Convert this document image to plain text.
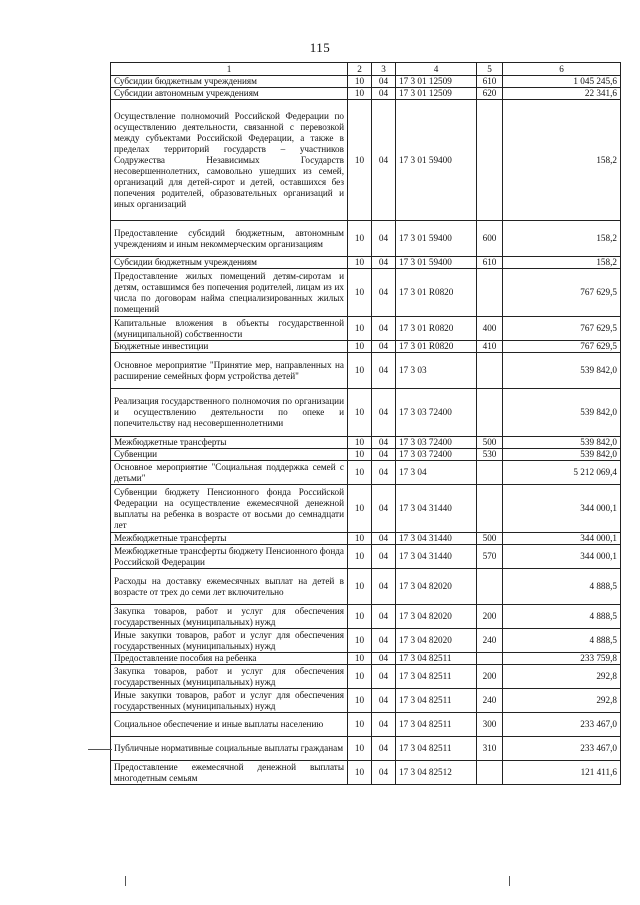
115
1	2	3	4	5	6
Субсидии бюджетным учреждениям	10	04	17 3 01 12509	610	1 045 245,6
Субсидии автономным учреждениям	10	04	17 3 01 12509	620	22 341,6
Осуществление полномочий Российской Федерации по осуществлению деятельности, связанной с перевозкой между субъектами Российской Федерации, а также в пределах территорий государств – участников Содружества Независимых Государств несовершеннолетних, самовольно ушедших из семей, организаций для детей-сирот и детей, оставшихся без попечения родителей, образовательных организаций и иных организаций	10	04	17 3 01 59400		158,2
Предоставление субсидий бюджетным, автономным учреждениям и иным некоммерческим организациям	10	04	17 3 01 59400	600	158,2
Субсидии бюджетным учреждениям	10	04	17 3 01 59400	610	158,2
Предоставление жилых помещений детям-сиротам и детям, оставшимся без попечения родителей, лицам из их числа по договорам найма специализированных жилых помещений	10	04	17 3 01 R0820		767 629,5
Капитальные вложения в объекты государственной (муниципальной) собственности	10	04	17 3 01 R0820	400	767 629,5
Бюджетные инвестиции	10	04	17 3 01 R0820	410	767 629,5
Основное мероприятие "Принятие мер, направленных на расширение семейных форм устройства детей"	10	04	17 3 03		539 842,0
Реализация государственного полномочия по организации и осуществлению деятельности по опеке и попечительству над несовершеннолетними	10	04	17 3 03 72400		539 842,0
Межбюджетные трансферты	10	04	17 3 03 72400	500	539 842,0
Субвенции	10	04	17 3 03 72400	530	539 842,0
Основное мероприятие "Социальная поддержка семей с детьми"	10	04	17 3 04		5 212 069,4
Субвенции бюджету Пенсионного фонда Российской Федерации на осуществление ежемесячной денежной выплаты на ребенка в возрасте от восьми до семнадцати лет	10	04	17 3 04 31440		344 000,1
Межбюджетные трансферты	10	04	17 3 04 31440	500	344 000,1
Межбюджетные трансферты бюджету Пенсионного фонда Российской Федерации	10	04	17 3 04 31440	570	344 000,1
Расходы на доставку ежемесячных выплат на детей в возрасте от трех до семи лет включительно	10	04	17 3 04 82020		4 888,5
Закупка товаров, работ и услуг для обеспечения государственных (муниципальных) нужд	10	04	17 3 04 82020	200	4 888,5
Иные закупки товаров, работ и услуг для обеспечения государственных (муниципальных) нужд	10	04	17 3 04 82020	240	4 888,5
Предоставление пособия на ребенка	10	04	17 3 04 82511		233 759,8
Закупка товаров, работ и услуг для обеспечения государственных (муниципальных) нужд	10	04	17 3 04 82511	200	292,8
Иные закупки товаров, работ и услуг для обеспечения государственных (муниципальных) нужд	10	04	17 3 04 82511	240	292,8
Социальное обеспечение и иные выплаты населению	10	04	17 3 04 82511	300	233 467,0
Публичные нормативные социальные выплаты гражданам	10	04	17 3 04 82511	310	233 467,0
Предоставление ежемесячной денежной выплаты многодетным семьям	10	04	17 3 04 82512		121 411,6
